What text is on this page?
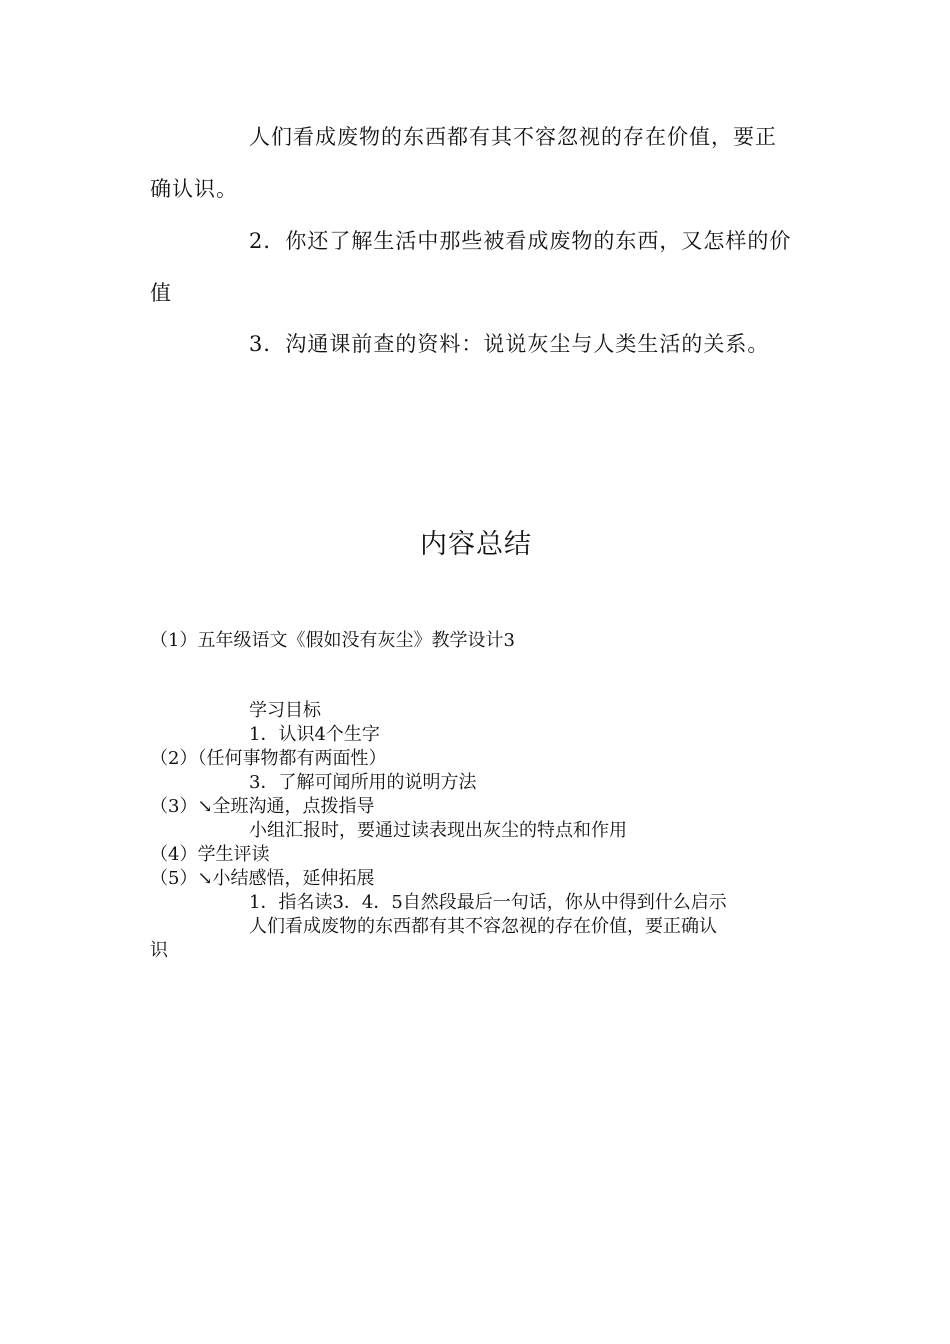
人们看成废物的东西都有其不容忽视的存在价值，要正
确认识。
2．你还了解生活中那些被看成废物的东西，又怎样的价
值
3．沟通课前查的资料：说说灰尘与人类生活的关系。
内容总结
（1）五年级语文《假如没有灰尘》教学设计3
学习目标
1．认识4个生字
（2）（任何事物都有两面性）
3．了解可闻所用的说明方法
（3）↘全班沟通，点拨指导
小组汇报时，要通过读表现出灰尘的特点和作用
（4）学生评读
（5）↘小结感悟，延伸拓展
1．指名读3．4．5自然段最后一句话，你从中得到什么启示
人们看成废物的东西都有其不容忽视的存在价值，要正确认
识
